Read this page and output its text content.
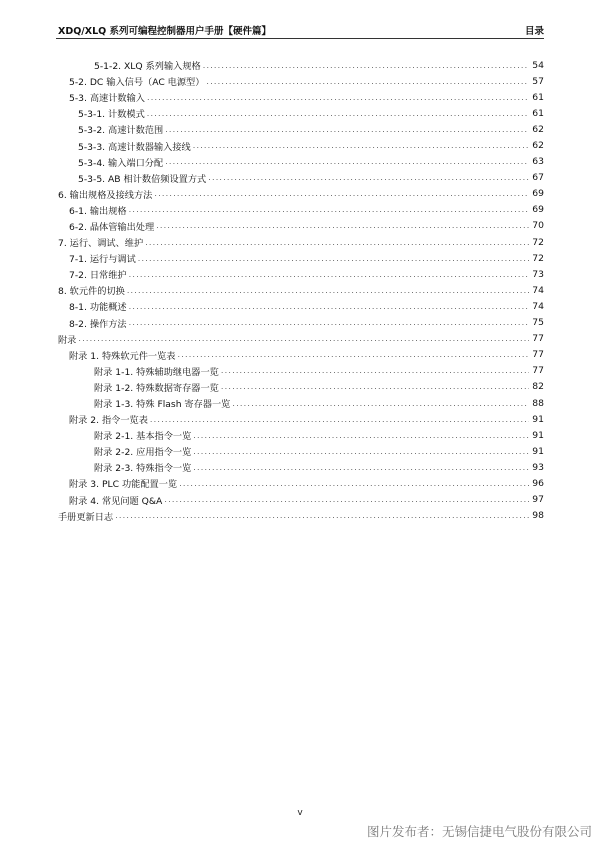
XDQ/XLQ 系列可编程控制器用户手册【硬件篇】	目录
5-1-2. XLQ 系列输入规格 .....	54
5-2. DC 输入信号（AC 电源型） .....	57
5-3. 高速计数输入 .....	61
5-3-1. 计数模式 .....	61
5-3-2. 高速计数范围 .....	62
5-3-3. 高速计数器输入接线 .....	62
5-3-4. 输入端口分配 .....	63
5-3-5. AB 相计数倍频设置方式 .....	67
6. 输出规格及接线方法 .....	69
6-1. 输出规格 .....	69
6-2. 晶体管输出处理 .....	70
7. 运行、调试、维护 .....	72
7-1. 运行与调试 .....	72
7-2. 日常维护 .....	73
8. 软元件的切换 .....	74
8-1. 功能概述 .....	74
8-2. 操作方法 .....	75
附录 .....	77
附录 1. 特殊软元件一览表 .....	77
附录 1-1. 特殊辅助继电器一览 .....	77
附录 1-2. 特殊数据寄存器一览 .....	82
附录 1-3. 特殊 Flash 寄存器一览 .....	88
附录 2. 指令一览表 .....	91
附录 2-1. 基本指令一览 .....	91
附录 2-2. 应用指令一览 .....	91
附录 2-3. 特殊指令一览 .....	93
附录 3. PLC 功能配置一览 .....	96
附录 4. 常见问题 Q&A .....	97
手册更新日志 .....	98
v
图片发布者：无锡信捷电气股份有限公司
